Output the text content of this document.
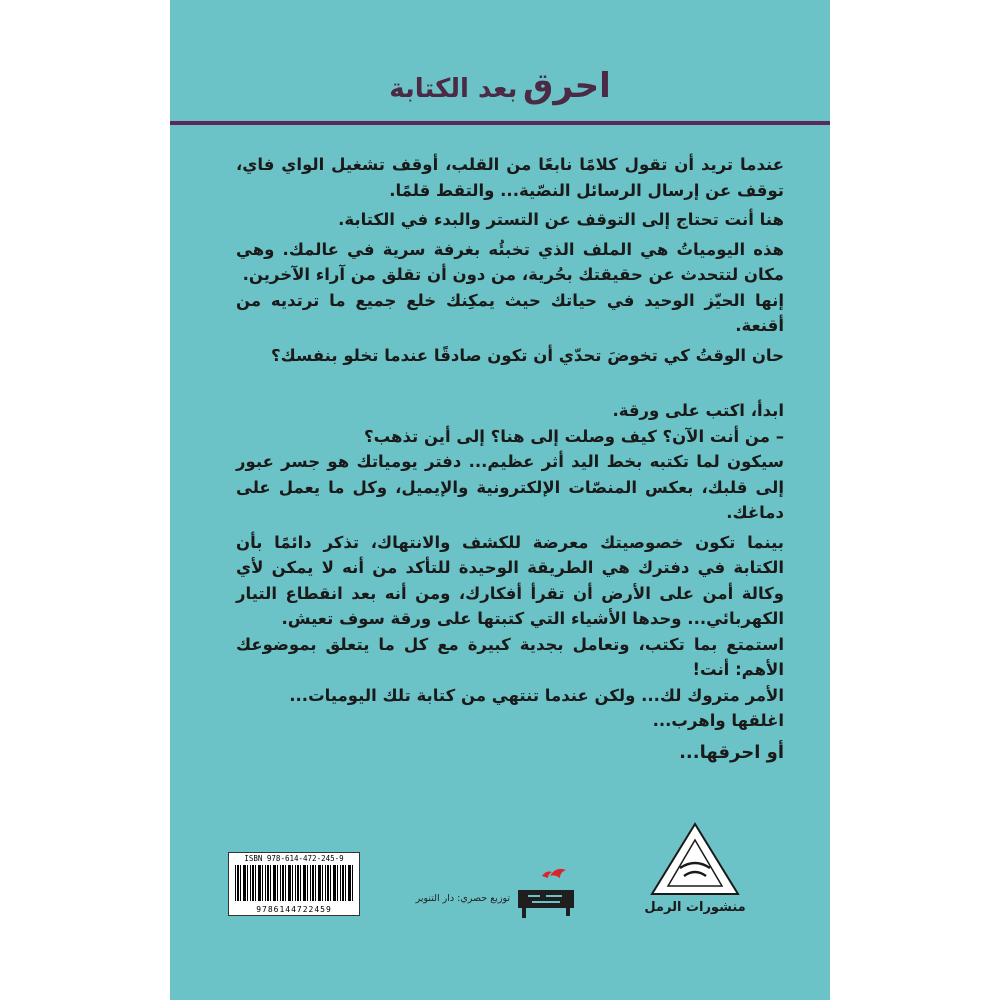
احرق بعد الكتابة

عندما تريد أن تقول كلامًا نابعًا من القلب، أوقف تشغيل الواي فاي، توقف عن إرسال الرسائل النصّية... والتقط قلمًا.

هنا أنت تحتاج إلى التوقف عن التستر والبدء في الكتابة.

هذه اليومياتُ هي الملف الذي تخبئُه بغرفة سرية في عالمك. وهي مكان لتتحدث عن حقيقتك بحُرية، من دون أن تقلق من آراء الآخرين.

إنها الحيّز الوحيد في حياتك حيث يمكِنك خلع جميع ما ترتديه من أقنعة.

حان الوقتُ كي تخوضَ تحدّي أن تكون صادقًا عندما تخلو بنفسك؟

ابدأ، اكتب على ورقة.

– من أنت الآن؟ كيف وصلت إلى هنا؟ إلى أين تذهب؟

سيكون لما تكتبه بخط اليد أثر عظيم... دفتر يومياتك هو جسر عبور إلى قلبك، بعكس المنصّات الإلكترونية والإيميل، وكل ما يعمل على دماغك.

بينما تكون خصوصيتك معرضة للكشف والانتهاك، تذكر دائمًا بأن الكتابة في دفترك هي الطريقة الوحيدة للتأكد من أنه لا يمكن لأي وكالة أمن على الأرض أن تقرأ أفكارك، ومن أنه بعد انقطاع التيار الكهربائي... وحدها الأشياء التي كتبتها على ورقة سوف تعيش.

استمتع بما تكتب، وتعامل بجدية كبيرة مع كل ما يتعلق بموضوعك الأهم: أنت!

الأمر متروك لك... ولكن عندما تنتهي من كتابة تلك اليوميات...

اغلقها واهرب...

أو احرقها...

ISBN 978-614-472-245-9
9786144722459
توزيع حصري: دار التنوير
منشورات الرمل
